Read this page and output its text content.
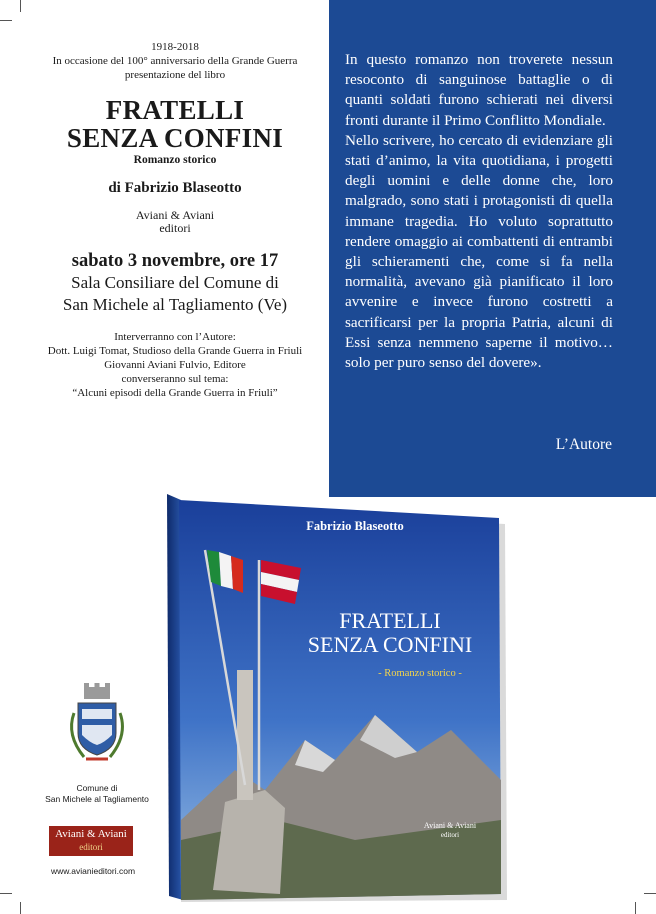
1918-2018
In occasione del 100° anniversario della Grande Guerra
presentazione del libro
FRATELLI
SENZA CONFINI
Romanzo storico
di Fabrizio Blaseotto
Aviani & Aviani
editori
sabato 3 novembre, ore 17
Sala Consiliare del Comune di
San Michele al Tagliamento (Ve)
Interverranno con l’Autore:
Dott. Luigi Tomat, Studioso della Grande Guerra in Friuli
Giovanni Aviani Fulvio, Editore
converseranno sul tema:
“Alcuni episodi della Grande Guerra in Friuli”

In questo romanzo non troverete nessun resoconto di sanguinose battaglie o di quanti soldati furono schierati nei diversi fronti durante il Primo Conflitto Mondiale.

Nello scrivere, ho cercato di evidenziare gli stati d’animo, la vita quotidiana, i progetti degli uomini e delle donne che, loro malgrado, sono stati i protagonisti di quella immane tragedia. Ho voluto soprattutto rendere omaggio ai combattenti di entrambi gli schieramenti che, come si fa nella normalità, avevano già pianificato il loro avvenire e invece furono costretti a sacrificarsi per la propria Patria, alcuni di Essi senza nemmeno saperne il motivo… solo per puro senso del dovere».

L’Autore
Fabrizio Blaseotto
FRATELLI
SENZA CONFINI
- Romanzo storico -
Aviani & Aviani
editori
Comune di
San Michele al Tagliamento
Aviani & Aviani
editori
www.avianieditori.com
